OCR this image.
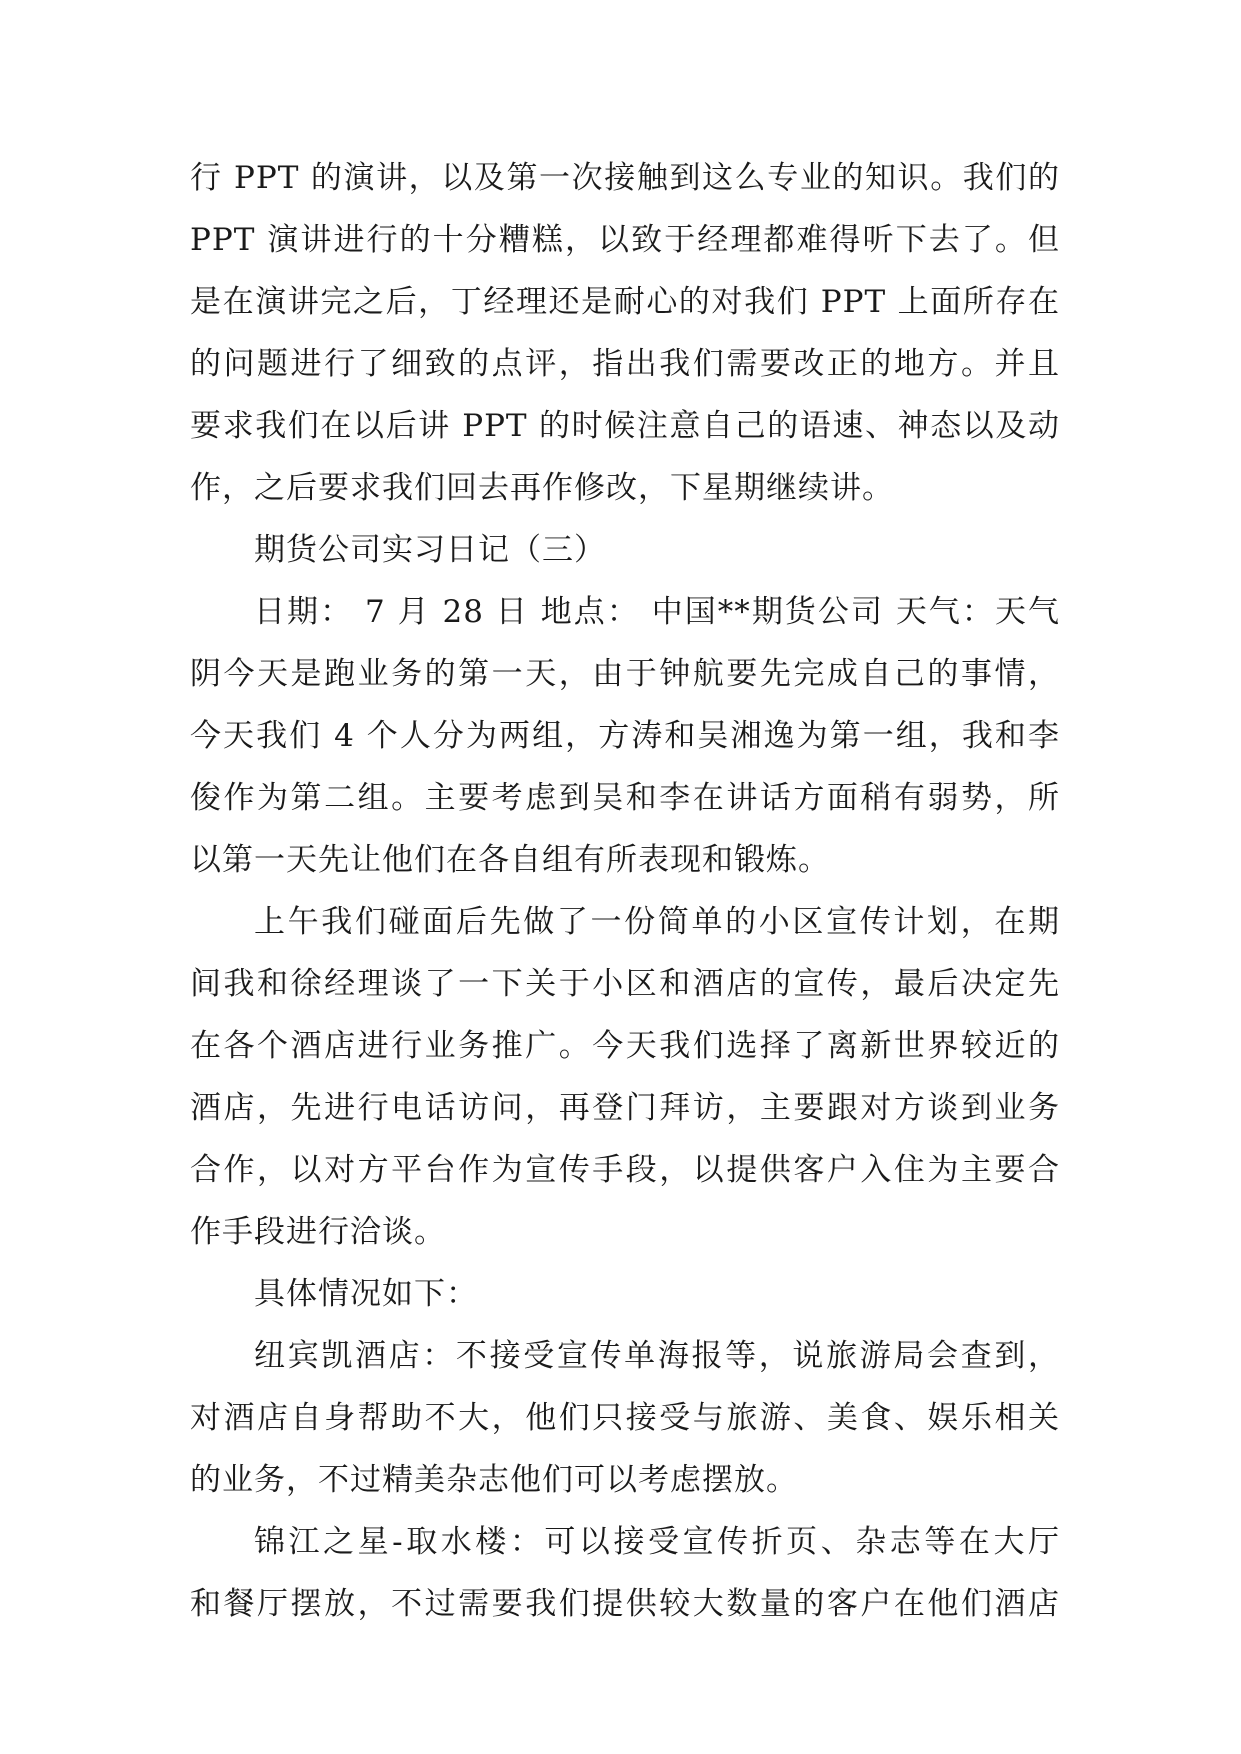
行 PPT 的演讲，以及第一次接触到这么专业的知识。我们的
PPT 演讲进行的十分糟糕，以致于经理都难得听下去了。但
是在演讲完之后，丁经理还是耐心的对我们 PPT 上面所存在
的问题进行了细致的点评，指出我们需要改正的地方。并且
要求我们在以后讲 PPT 的时候注意自己的语速、神态以及动
作，之后要求我们回去再作修改，下星期继续讲。
期货公司实习日记（三）
日期： 7 月 28 日 地点： 中国**期货公司 天气：天气
阴今天是跑业务的第一天，由于钟航要先完成自己的事情，
今天我们 4 个人分为两组，方涛和吴湘逸为第一组，我和李
俊作为第二组。主要考虑到吴和李在讲话方面稍有弱势，所
以第一天先让他们在各自组有所表现和锻炼。
上午我们碰面后先做了一份简单的小区宣传计划，在期
间我和徐经理谈了一下关于小区和酒店的宣传，最后决定先
在各个酒店进行业务推广。今天我们选择了离新世界较近的
酒店，先进行电话访问，再登门拜访，主要跟对方谈到业务
合作，以对方平台作为宣传手段，以提供客户入住为主要合
作手段进行洽谈。
具体情况如下：
纽宾凯酒店：不接受宣传单海报等，说旅游局会查到，
对酒店自身帮助不大，他们只接受与旅游、美食、娱乐相关
的业务，不过精美杂志他们可以考虑摆放。
锦江之星-取水楼：可以接受宣传折页、杂志等在大厅
和餐厅摆放，不过需要我们提供较大数量的客户在他们酒店
